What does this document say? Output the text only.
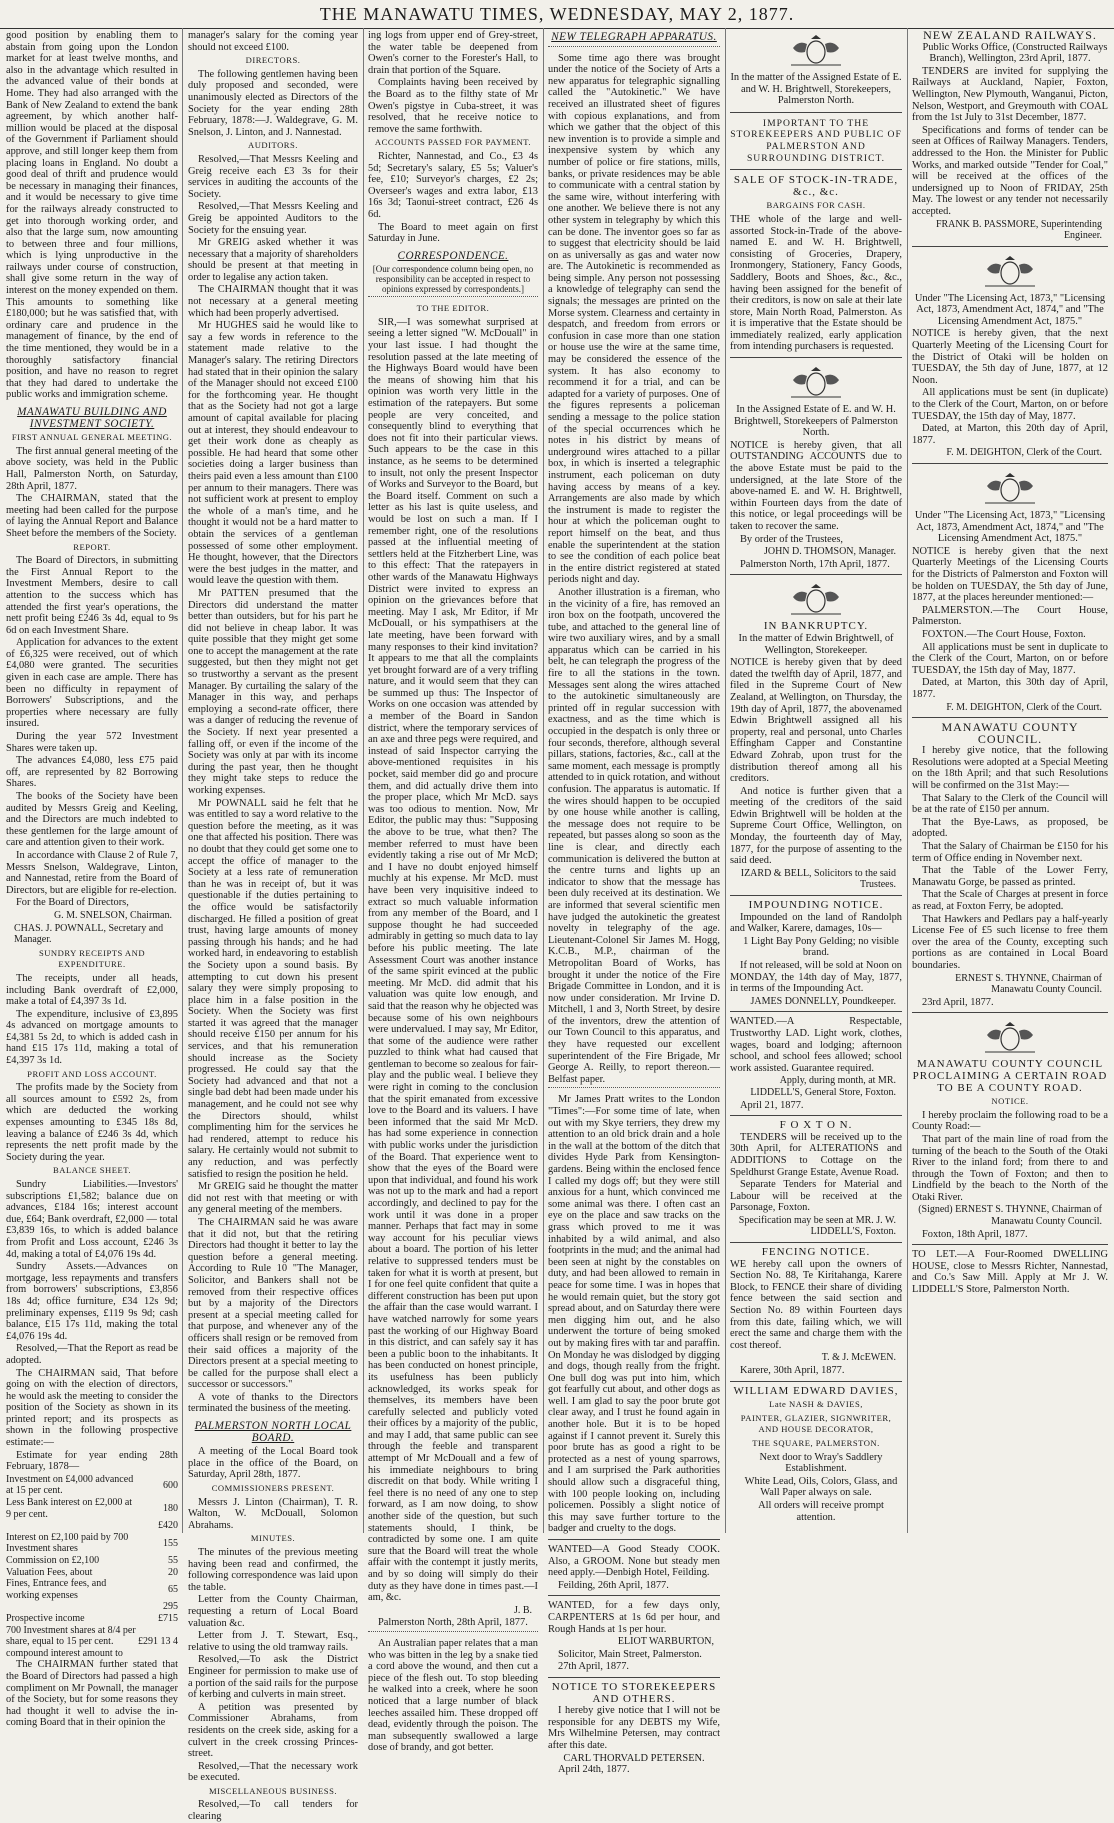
THE MANAWATU TIMES, WEDNESDAY, MAY 2, 1877.

good position by enabling them to abstain from going upon the London market for at least twelve months, and also in the advantage which resulted in the advanced value of their bonds at Home. They had also arranged with the Bank of New Zealand to extend the bank agreement, by which another half-million would be placed at the disposal of the Government if Parliament should approve, and still longer keep them from placing loans in England. No doubt a good deal of thrift and prudence would be necessary in managing their finances, and it would be necessary to give time for the railways already constructed to get into thorough working order, and also that the large sum, now amounting to between three and four millions, which is lying unproductive in the railways under course of construction, shall give some return in the way of interest on the money expended on them. This amounts to something like £180,000; but he was satisfied that, with ordinary care and prudence in the management of finance, by the end of the time mentioned, they would be in a thoroughly satisfactory financial position, and have no reason to regret that they had dared to undertake the public works and immigration scheme.

MANAWATU BUILDING AND INVESTMENT SOCIETY.
FIRST ANNUAL GENERAL MEETING.

The first annual general meeting of the above society, was held in the Public Hall, Palmerston North, on Saturday, 28th April, 1877.

The CHAIRMAN, stated that the meeting had been called for the purpose of laying the Annual Report and Balance Sheet before the members of the Society.

REPORT.

The Board of Directors, in submitting the First Annual Report to the Investment Members, desire to call attention to the success which has attended the first year's operations, the nett profit being £246 3s 4d, equal to 9s 6d on each Investment Share.

Application for advances to the extent of £6,325 were received, out of which £4,080 were granted. The securities given in each case are ample. There has been no difficulty in repayment of Borrowers' Subscriptions, and the properties where necessary are fully insured.

During the year 572 Investment Shares were taken up.

The advances £4,080, less £75 paid off, are represented by 82 Borrowing Shares.

The books of the Society have been audited by Messrs Greig and Keeling, and the Directors are much indebted to these gentlemen for the large amount of care and attention given to their work.

In accordance with Clause 2 of Rule 7, Messrs Snelson, Waldegrave, Linton, and Nannestad, retire from the Board of Directors, but are eligible for re-election.

For the Board of Directors,

G. M. SNELSON, Chairman.
CHAS. J. POWNALL, Secretary and Manager.
SUNDRY RECEIPTS AND EXPENDITURE.

The receipts, under all heads, including Bank overdraft of £2,000, make a total of £4,397 3s 1d.

The expenditure, inclusive of £3,895 4s advanced on mortgage amounts to £4,381 5s 2d, to which is added cash in hand £15 17s 11d, making a total of £4,397 3s 1d.

PROFIT AND LOSS ACCOUNT.

The profits made by the Society from all sources amount to £592 2s, from which are deducted the working expenses amounting to £345 18s 8d, leaving a balance of £246 3s 4d, which represents the nett profit made by the Society during the year.

BALANCE SHEET.

Sundry Liabilities.—Investors' subscriptions £1,582; balance due on advances, £184 16s; interest account due, £64; Bank overdraft, £2,000 — total £3,839 16s, to which is added balance from Profit and Loss account, £246 3s 4d, making a total of £4,076 19s 4d.

Sundry Assets.—Advances on mortgage, less repayments and transfers from borrowers' subscriptions, £3,856 18s 4d; office furniture, £34 12s 9d; preliminary expenses, £119 9s 9d; cash balance, £15 17s 11d, making the total £4,076 19s 4d.

Resolved,—That the Report as read be adopted.

The CHAIRMAN said, That before going on with the election of directors, he would ask the meeting to consider the position of the Society as shown in its printed report; and its prospects as shown in the following prospective estimate:—

Estimate for year ending 28th February, 1878—

Investment on £4,000 advanced at 15 per cent.	600
Less Bank interest on £2,000 at 9 per cent.	180
	£420
Interest on £2,100 paid by 700 Investment shares	155
Commission on £2,100	55
Valuation Fees, about	20
Fines, Entrance fees, and working expenses	65
	295
Prospective income	£715
700 Investment shares at 8/4 per share, equal to 15 per cent. compound interest amount to	£291 13 4

The CHAIRMAN further stated that the Board of Directors had passed a high compliment on Mr Pownall, the manager of the Society, but for some reasons they had thought it well to advise the in-coming Board that in their opinion the

manager's salary for the coming year should not exceed £100.

DIRECTORS.

The following gentlemen having been duly proposed and seconded, were unanimously elected as Directors of the Society for the year ending 28th February, 1878:—J. Waldegrave, G. M. Snelson, J. Linton, and J. Nannestad.

AUDITORS.

Resolved,—That Messrs Keeling and Greig receive each £3 3s for their services in auditing the accounts of the Society.

Resolved,—That Messrs Keeling and Greig be appointed Auditors to the Society for the ensuing year.

Mr GREIG asked whether it was necessary that a majority of shareholders should be present at that meeting in order to legalise any action taken.

The CHAIRMAN thought that it was not necessary at a general meeting which had been properly advertised.

Mr HUGHES said he would like to say a few words in reference to the statement made relative to the Manager's salary. The retiring Directors had stated that in their opinion the salary of the Manager should not exceed £100 for the forthcoming year. He thought that as the Society had not got a large amount of capital available for placing out at interest, they should endeavour to get their work done as cheaply as possible. He had heard that some other societies doing a larger business than theirs paid even a less amount than £100 per annum to their managers. There was not sufficient work at present to employ the whole of a man's time, and he thought it would not be a hard matter to obtain the services of a gentleman possessed of some other employment. He thought, however, that the Directors were the best judges in the matter, and would leave the question with them.

Mr PATTEN presumed that the Directors did understand the matter better than outsiders, but for his part he did not believe in cheap labor. It was quite possible that they might get some one to accept the management at the rate suggested, but then they might not get so trustworthy a servant as the present Manager. By curtailing the salary of the Manager in this way, and perhaps employing a second-rate officer, there was a danger of reducing the revenue of the Society. If next year presented a falling off, or even if the income of the Society was only at par with its income during the past year, then he thought they might take steps to reduce the working expenses.

Mr POWNALL said he felt that he was entitled to say a word relative to the question before the meeting, as it was one that affected his position. There was no doubt that they could get some one to accept the office of manager to the Society at a less rate of remuneration than he was in receipt of, but it was questionable if the duties pertaining to the office would be satisfactorily discharged. He filled a position of great trust, having large amounts of money passing through his hands; and he had worked hard, in endeavoring to establish the Society upon a sound basis. By attempting to cut down his present salary they were simply proposing to place him in a false position in the Society. When the Society was first started it was agreed that the manager should receive £150 per annum for his services, and that his remuneration should increase as the Society progressed. He could say that the Society had advanced and that not a single bad debt had been made under his management, and he could not see why the Directors should, whilst complimenting him for the services he had rendered, attempt to reduce his salary. He certainly would not submit to any reduction, and was perfectly satisfied to resign the position he held.

Mr GREIG said he thought the matter did not rest with that meeting or with any general meeting of the members.

The CHAIRMAN said he was aware that it did not, but that the retiring Directors had thought it better to lay the question before a general meeting. According to Rule 10 "The Manager, Solicitor, and Bankers shall not be removed from their respective offices but by a majority of the Directors present at a special meeting called for that purpose, and whenever any of the officers shall resign or be removed from their said offices a majority of the Directors present at a special meeting to be called for the purpose shall elect a successor or successors."

A vote of thanks to the Directors terminated the business of the meeting.

PALMERSTON NORTH LOCAL BOARD.

A meeting of the Local Board took place in the office of the Board, on Saturday, April 28th, 1877.

COMMISSIONERS PRESENT.

Messrs J. Linton (Chairman), T. R. Walton, W. McDouall, Solomon Abrahams.

MINUTES.

The minutes of the previous meeting having been read and confirmed, the following correspondence was laid upon the table.

Letter from the County Chairman, requesting a return of Local Board valuation &c.

Letter from J. T. Stewart, Esq., relative to using the old tramway rails.

Resolved,—To ask the District Engineer for permission to make use of a portion of the said rails for the purpose of kerbing and culverts in main street.

A petition was presented by Commissioner Abrahams, from residents on the creek side, asking for a culvert in the creek crossing Princes-street.

Resolved,—That the necessary work be executed.

MISCELLANEOUS BUSINESS.

Resolved,—To call tenders for clearing

ing logs from upper end of Grey-street, the water table be deepened from Owen's corner to the Forester's Hall, to drain that portion of the Square.

Complaints having been received by the Board as to the filthy state of Mr Owen's pigstye in Cuba-street, it was resolved, that he receive notice to remove the same forthwith.

ACCOUNTS PASSED FOR PAYMENT.

Richter, Nannestad, and Co., £3 4s 5d; Secretary's salary, £5 5s; Valuer's fee, £10; Surveyor's charges, £2 2s; Overseer's wages and extra labor, £13 16s 3d; Taonui-street contract, £26 4s 6d.

The Board to meet again on first Saturday in June.

CORRESPONDENCE.

[Our correspondence column being open, no responsibility can be accepted in respect to opinions expressed by correspondents.]

TO THE EDITOR.

SIR,—I was somewhat surprised at seeing a letter signed "W. McDouall" in your last issue. I had thought the resolution passed at the late meeting of the Highways Board would have been the means of showing him that his opinion was worth very little in the estimation of the ratepayers. But some people are very conceited, and consequently blind to everything that does not fit into their particular views. Such appears to be the case in this instance, as he seems to be determined to insult, not only the present Inspector of Works and Surveyor to the Board, but the Board itself. Comment on such a letter as his last is quite useless, and would be lost on such a man. If I remember right, one of the resolutions passed at the influential meeting of settlers held at the Fitzherbert Line, was to this effect: That the ratepayers in other wards of the Manawatu Highways District were invited to express an opinion on the grievances before that meeting. May I ask, Mr Editor, if Mr McDouall, or his sympathisers at the late meeting, have been forward with many responses to their kind invitation? It appears to me that all the complaints yet brought forward are of a very trifling nature, and it would seem that they can be summed up thus: The Inspector of Works on one occasion was attended by a member of the Board in Sandon district, where the temporary services of an axe and three pegs were required, and instead of said Inspector carrying the above-mentioned requisites in his pocket, said member did go and procure them, and did actually drive them into the proper place, which Mr McD. says was too odious to mention. Now, Mr Editor, the public may thus: "Supposing the above to be true, what then? The member referred to must have been evidently taking a rise out of Mr McD; and I have no doubt enjoyed himself muchly at his expense. Mr McD. must have been very inquisitive indeed to extract so much valuable information from any member of the Board, and I suppose thought he had succeeded admirably in getting so much data to lay before his public meeting. The late Assessment Court was another instance of the same spirit evinced at the public meeting. Mr McD. did admit that his valuation was quite low enough, and said that the reason why he objected was because some of his own neighbours were undervalued. I may say, Mr Editor, that some of the audience were rather puzzled to think what had caused that gentleman to become so zealous for fair-play and the public weal. I believe they were right in coming to the conclusion that the spirit emanated from excessive love to the Board and its valuers. I have been informed that the said Mr McD. has had some experience in connection with public works under the jurisdiction of the Board. That experience went to show that the eyes of the Board were upon that individual, and found his work was not up to the mark and had a report accordingly, and declined to pay for the work until it was done in a proper manner. Perhaps that fact may in some way account for his peculiar views about a board. The portion of his letter relative to suppressed tenders must be taken for what it is worth at present, but I for one feel quite confident that quite a different construction has been put upon the affair than the case would warrant. I have watched narrowly for some years past the working of our Highway Board in this district, and can safely say it has been a public boon to the inhabitants. It has been conducted on honest principle, its usefulness has been publicly acknowledged, its works speak for themselves, its members have been carefully selected and publicly voted their offices by a majority of the public, and may I add, that same public can see through the feeble and transparent attempt of Mr McDouall and a few of his immediate neighbours to bring discredit on that body. While writing I feel there is no need of any one to step forward, as I am now doing, to show another side of the question, but such statements should, I think, be contradicted by some one. I am quite sure that the Board will treat the whole affair with the contempt it justly merits, and by so doing will simply do their duty as they have done in times past.—I am, &c.

J. B.

Palmerston North, 28th April, 1877.

An Australian paper relates that a man who was bitten in the leg by a snake tied a cord above the wound, and then cut a piece of the flesh out. To stop bleeding he walked into a creek, where he soon noticed that a large number of black leeches assailed him. These dropped off dead, evidently through the poison. The man subsequently swallowed a large dose of brandy, and got better.

NEW TELEGRAPH APPARATUS.

Some time ago there was brought under the notice of the Society of Arts a new apparatus for telegraphic signalling called the "Autokinetic." We have received an illustrated sheet of figures with copious explanations, and from which we gather that the object of this new invention is to provide a simple and inexpensive system by which any number of police or fire stations, mills, banks, or private residences may be able to communicate with a central station by the same wire, without interfering with one another. We believe there is not any other system in telegraphy by which this can be done. The inventor goes so far as to suggest that electricity should be laid on as universally as gas and water now are. The Autokinetic is recommended as being simple. Any person not possessing a knowledge of telegraphy can send the signals; the messages are printed on the Morse system. Clearness and certainty in despatch, and freedom from errors or confusion in case more than one station or house use the wire at the same time, may be considered the essence of the system. It has also economy to recommend it for a trial, and can be adapted for a variety of purposes. One of the figures represents a policeman sending a message to the police station of the special occurrences which he notes in his district by means of underground wires attached to a pillar box, in which is inserted a telegraphic instrument, each policeman on duty having access by means of a key. Arrangements are also made by which the instrument is made to register the hour at which the policeman ought to report himself on the beat, and thus enable the superintendent at the station to see the condition of each police beat in the entire district registered at stated periods night and day.

Another illustration is a fireman, who in the vicinity of a fire, has removed an iron box on the footpath, uncovered the tube, and attached to the general line of wire two auxiliary wires, and by a small apparatus which can be carried in his belt, he can telegraph the progress of the fire to all the stations in the town. Messages sent along the wires attached to the autokinetic simultaneously are printed off in regular succession with exactness, and as the time which is occupied in the despatch is only three or four seconds, therefore, although several pillars, stations, factories, &c., call at the same moment, each message is promptly attended to in quick rotation, and without confusion. The apparatus is automatic. If the wires should happen to be occupied by one house while another is calling, the message does not require to be repeated, but passes along so soon as the line is clear, and directly each communication is delivered the button at the centre turns and lights up an indicator to show that the message has been duly received at its destination. We are informed that several scientific men have judged the autokinetic the greatest novelty in telegraphy of the age. Lieutenant-Colonel Sir James M. Hogg, K.C.B., M.P., chairman of the Metropolitan Board of Works, has brought it under the notice of the Fire Brigade Committee in London, and it is now under consideration. Mr Irvine D. Mitchell, 1 and 3, North Street, by desire of the inventors, drew the attention of our Town Council to this apparatus, and they have requested our excellent superintendent of the Fire Brigade, Mr George A. Reilly, to report thereon.—Belfast paper.

Mr James Pratt writes to the London "Times":—For some time of late, when out with my Skye terriers, they drew my attention to an old brick drain and a hole in the wall at the bottom of the ditch that divides Hyde Park from Kensington-gardens. Being within the enclosed fence I called my dogs off; but they were still anxious for a hunt, which convinced me some animal was there. I often cast an eye on the place and saw tracks on the grass which proved to me it was inhabited by a wild animal, and also footprints in the mud; and the animal had been seen at night by the constables on duty, and had been allowed to remain in peace for some time. I was in hopes that he would remain quiet, but the story got spread about, and on Saturday there were men digging him out, and he also underwent the torture of being smoked out by making fires with tar and paraffin. On Monday he was dislodged by digging and dogs, though really from the fright. One bull dog was put into him, which got fearfully cut about, and other dogs as well. I am glad to say the poor brute got clear away, and I trust he found again in another hole. But it is to be hoped against if I cannot prevent it. Surely this poor brute has as good a right to be protected as a nest of young sparrows, and I am surprised the Park authorities should allow such a disgraceful thing, with 100 people looking on, including policemen. Possibly a slight notice of this may save further torture to the badger and cruelty to the dogs.

WANTED—A Good Steady COOK. Also, a GROOM. None but steady men need apply.—Denbigh Hotel, Feilding.

Feilding, 26th April, 1877.

WANTED, for a few days only, CARPENTERS at 1s 6d per hour, and Rough Hands at 1s per hour.

ELIOT WARBURTON,

Solicitor, Main Street, Palmerston.

27th April, 1877.

NOTICE TO STOREKEEPERS AND OTHERS.

I hereby give notice that I will not be responsible for any DEBTS my Wife, Mrs Wilhelmine Petersen, may contract after this date.

CARL THORVALD PETERSEN.

April 24th, 1877.

In the matter of the Assigned Estate of E. and W. H. Brightwell, Storekeepers, Palmerston North.

IMPORTANT TO THE STOREKEEPERS AND PUBLIC OF PALMERSTON AND SURROUNDING DISTRICT.
SALE OF STOCK-IN-TRADE, &c., &c.
BARGAINS FOR CASH.

THE whole of the large and well-assorted Stock-in-Trade of the above-named E. and W. H. Brightwell, consisting of Groceries, Drapery, Ironmongery, Stationery, Fancy Goods, Saddlery, Boots and Shoes, &c., &c., having been assigned for the benefit of their creditors, is now on sale at their late store, Main North Road, Palmerston. As it is imperative that the Estate should be immediately realized, early application from intending purchasers is requested.

In the Assigned Estate of E. and W. H. Brightwell, Storekeepers of Palmerston North.

NOTICE is hereby given, that all OUTSTANDING ACCOUNTS due to the above Estate must be paid to the undersigned, at the late Store of the above-named E. and W. H. Brightwell, within Fourteen days from the date of this notice, or legal proceedings will be taken to recover the same.

By order of the Trustees,

JOHN D. THOMSON, Manager.

Palmerston North, 17th April, 1877.

IN BANKRUPTCY.

In the matter of Edwin Brightwell, of Wellington, Storekeeper.

NOTICE is hereby given that by deed dated the twelfth day of April, 1877, and filed in the Supreme Court of New Zealand, at Wellington, on Thursday, the 19th day of April, 1877, the abovenamed Edwin Brightwell assigned all his property, real and personal, unto Charles Effingham Capper and Constantine Edward Zohrab, upon trust for the distribution thereof among all his creditors.

And notice is further given that a meeting of the creditors of the said Edwin Brightwell will be holden at the Supreme Court Office, Wellington, on Monday, the fourteenth day of May, 1877, for the purpose of assenting to the said deed.

IZARD & BELL, Solicitors to the said Trustees.
IMPOUNDING NOTICE.

Impounded on the land of Randolph and Walker, Karere, damages, 10s—

1 Light Bay Pony Gelding; no visible brand.

If not released, will be sold at Noon on MONDAY, the 14th day of May, 1877, in terms of the Impounding Act.

JAMES DONNELLY, Poundkeeper.

WANTED.—A Respectable, Trustworthy LAD. Light work, clothes, wages, board and lodging; afternoon school, and school fees allowed; school work assisted. Guarantee required.

Apply, during month, at MR. LIDDELL'S, General Store, Foxton.

April 21, 1877.

F O X T O N.

TENDERS will be received up to the 30th April, for ALTERATIONS and ADDITIONS to Cottage on the Speldhurst Grange Estate, Avenue Road.

Separate Tenders for Material and Labour will be received at the Parsonage, Foxton.

Specification may be seen at MR. J. W. LIDDELL'S, Foxton.
FENCING NOTICE.

WE hereby call upon the owners of Section No. 88, Te Kiritahanga, Karere Block, to FENCE their share of dividing fence between the said section and Section No. 89 within Fourteen days from this date, failing which, we will erect the same and charge them with the cost thereof.

T. & J. McEWEN.

Karere, 30th April, 1877.

WILLIAM EDWARD DAVIES,
Late NASH & DAVIES,
PAINTER, GLAZIER, SIGNWRITER, AND HOUSE DECORATOR,
THE SQUARE, PALMERSTON.

Next door to Wray's Saddlery Establishment.

White Lead, Oils, Colors, Glass, and Wall Paper always on sale.

All orders will receive prompt attention.

NEW ZEALAND RAILWAYS.

Public Works Office, (Constructed Railways Branch), Wellington, 23rd April, 1877.

TENDERS are invited for supplying the Railways at Auckland, Napier, Foxton, Wellington, New Plymouth, Wanganui, Picton, Nelson, Westport, and Greymouth with COAL from the 1st July to 31st December, 1877.

Specifications and forms of tender can be seen at Offices of Railway Managers. Tenders, addressed to the Hon. the Minister for Public Works, and marked outside "Tender for Coal," will be received at the offices of the undersigned up to Noon of FRIDAY, 25th May. The lowest or any tender not necessarily accepted.

FRANK B. PASSMORE, Superintending Engineer.

Under "The Licensing Act, 1873," "Licensing Act, 1873, Amendment Act, 1874," and "The Licensing Amendment Act, 1875."

NOTICE is hereby given, that the next Quarterly Meeting of the Licensing Court for the District of Otaki will be holden on TUESDAY, the 5th day of June, 1877, at 12 Noon.

All applications must be sent (in duplicate) to the Clerk of the Court, Marton, on or before TUESDAY, the 15th day of May, 1877.

Dated, at Marton, this 20th day of April, 1877.

F. M. DEIGHTON, Clerk of the Court.

Under "The Licensing Act, 1873," "Licensing Act, 1873, Amendment Act, 1874," and "The Licensing Amendment Act, 1875."

NOTICE is hereby given that the next Quarterly Meetings of the Licensing Courts for the Districts of Palmerston and Foxton will be holden on TUESDAY, the 5th day of June, 1877, at the places hereunder mentioned:—

PALMERSTON.—The Court House, Palmerston.

FOXTON.—The Court House, Foxton.

All applications must be sent in duplicate to the Clerk of the Court, Marton, on or before TUESDAY, the 15th day of May, 1877.

Dated, at Marton, this 30th day of April, 1877.

F. M. DEIGHTON, Clerk of the Court.
MANAWATU COUNTY COUNCIL.

I hereby give notice, that the following Resolutions were adopted at a Special Meeting on the 18th April; and that such Resolutions will be confirmed on the 31st May:—

That Salary to the Clerk of the Council will be at the rate of £150 per annum.

That the Bye-Laws, as proposed, be adopted.

That the Salary of Chairman be £150 for his term of Office ending in November next.

That the Table of the Lower Ferry, Manawatu Gorge, be passed as printed.

That the Scale of Charges at present in force as read, at Foxton Ferry, be adopted.

That Hawkers and Pedlars pay a half-yearly License Fee of £5 such license to free them over the area of the County, excepting such portions as are contained in Local Board boundaries.

ERNEST S. THYNNE, Chairman of Manawatu County Council.

23rd April, 1877.

MANAWATU COUNTY COUNCIL PROCLAIMING A CERTAIN ROAD TO BE A COUNTY ROAD.
NOTICE.

I hereby proclaim the following road to be a County Road:—

That part of the main line of road from the turning of the beach to the South of the Otaki River to the inland ford; from there to and through the Town of Foxton; and then to Lindfield by the beach to the North of the Otaki River.

(Signed) ERNEST S. THYNNE, Chairman of Manawatu County Council.

Foxton, 18th April, 1877.

TO LET.—A Four-Roomed DWELLING HOUSE, close to Messrs Richter, Nannestad, and Co.'s Saw Mill. Apply at Mr J. W. LIDDELL'S Store, Palmerston North.
